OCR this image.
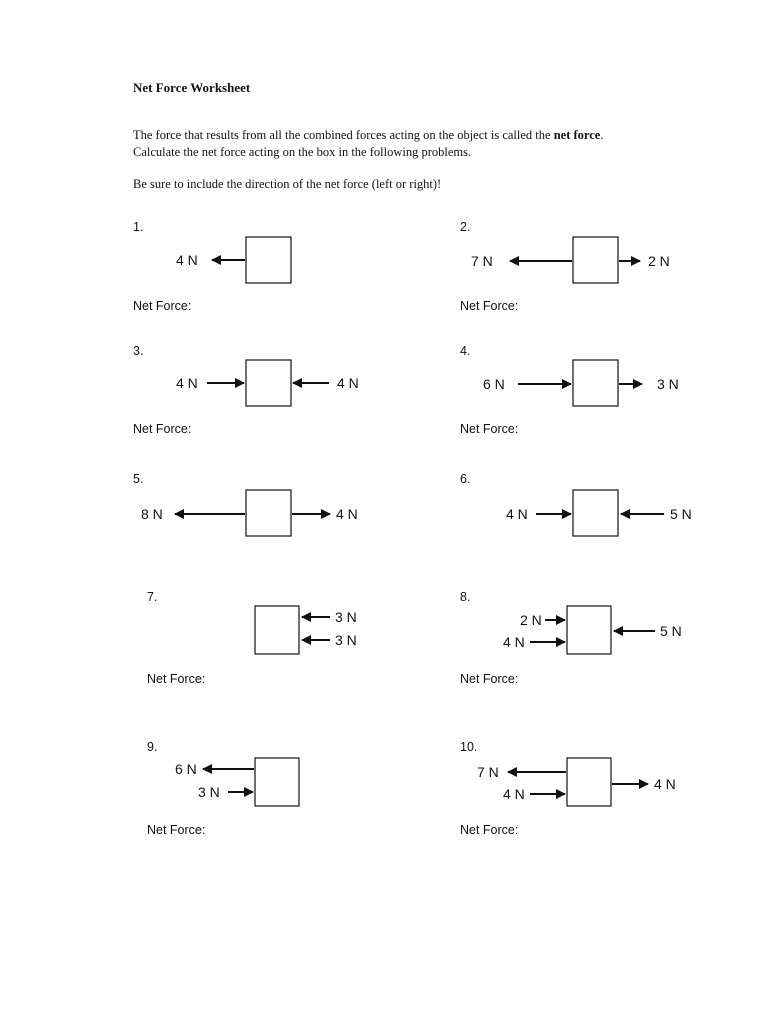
Net Force Worksheet
The force that results from all the combined forces acting on the object is called the net force. Calculate the net force acting on the box in the following problems.
Be sure to include the direction of the net force (left or right)!
1.	2.
3.	4.
5.	6.
7.	8.
9.	10.
Net Force:	Net Force:
Net Force:	Net Force:
Net Force:	Net Force:
Net Force:	Net Force:
4 N	7 N	2 N
4 N	4 N	6 N	3 N
8 N	4 N	4 N	5 N
3 N
3 N
2 N
4 N
5 N
6 N
3 N
7 N
4 N
4 N
